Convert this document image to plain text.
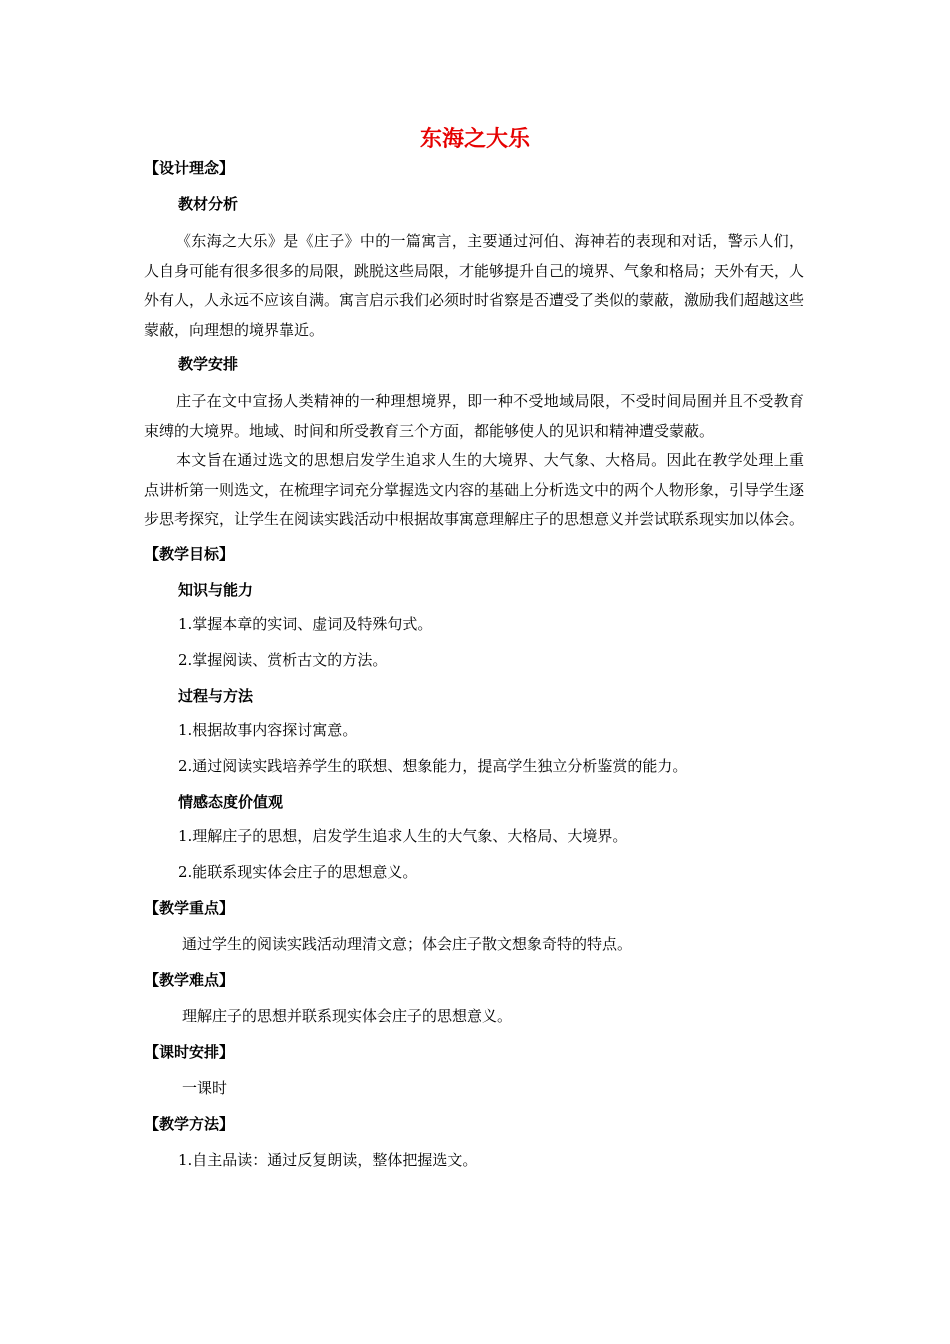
东海之大乐
【设计理念】
教材分析

《东海之大乐》是《庄子》中的一篇寓言，主要通过河伯、海神若的表现和对话，警示人们，人自身可能有很多很多的局限，跳脱这些局限，才能够提升自己的境界、气象和格局；天外有天，人外有人，人永远不应该自满。寓言启示我们必须时时省察是否遭受了类似的蒙蔽，激励我们超越这些蒙蔽，向理想的境界靠近。

教学安排

庄子在文中宣扬人类精神的一种理想境界，即一种不受地域局限，不受时间局囿并且不受教育束缚的大境界。地域、时间和所受教育三个方面，都能够使人的见识和精神遭受蒙蔽。

本文旨在通过选文的思想启发学生追求人生的大境界、大气象、大格局。因此在教学处理上重点讲析第一则选文，在梳理字词充分掌握选文内容的基础上分析选文中的两个人物形象，引导学生逐步思考探究，让学生在阅读实践活动中根据故事寓意理解庄子的思想意义并尝试联系现实加以体会。

【教学目标】
知识与能力
1.掌握本章的实词、虚词及特殊句式。
2.掌握阅读、赏析古文的方法。
过程与方法
1.根据故事内容探讨寓意。
2.通过阅读实践培养学生的联想、想象能力，提高学生独立分析鉴赏的能力。
情感态度价值观
1.理解庄子的思想，启发学生追求人生的大气象、大格局、大境界。
2.能联系现实体会庄子的思想意义。
【教学重点】
通过学生的阅读实践活动理清文意；体会庄子散文想象奇特的特点。
【教学难点】
理解庄子的思想并联系现实体会庄子的思想意义。
【课时安排】
一课时
【教学方法】
1.自主品读：通过反复朗读，整体把握选文。
